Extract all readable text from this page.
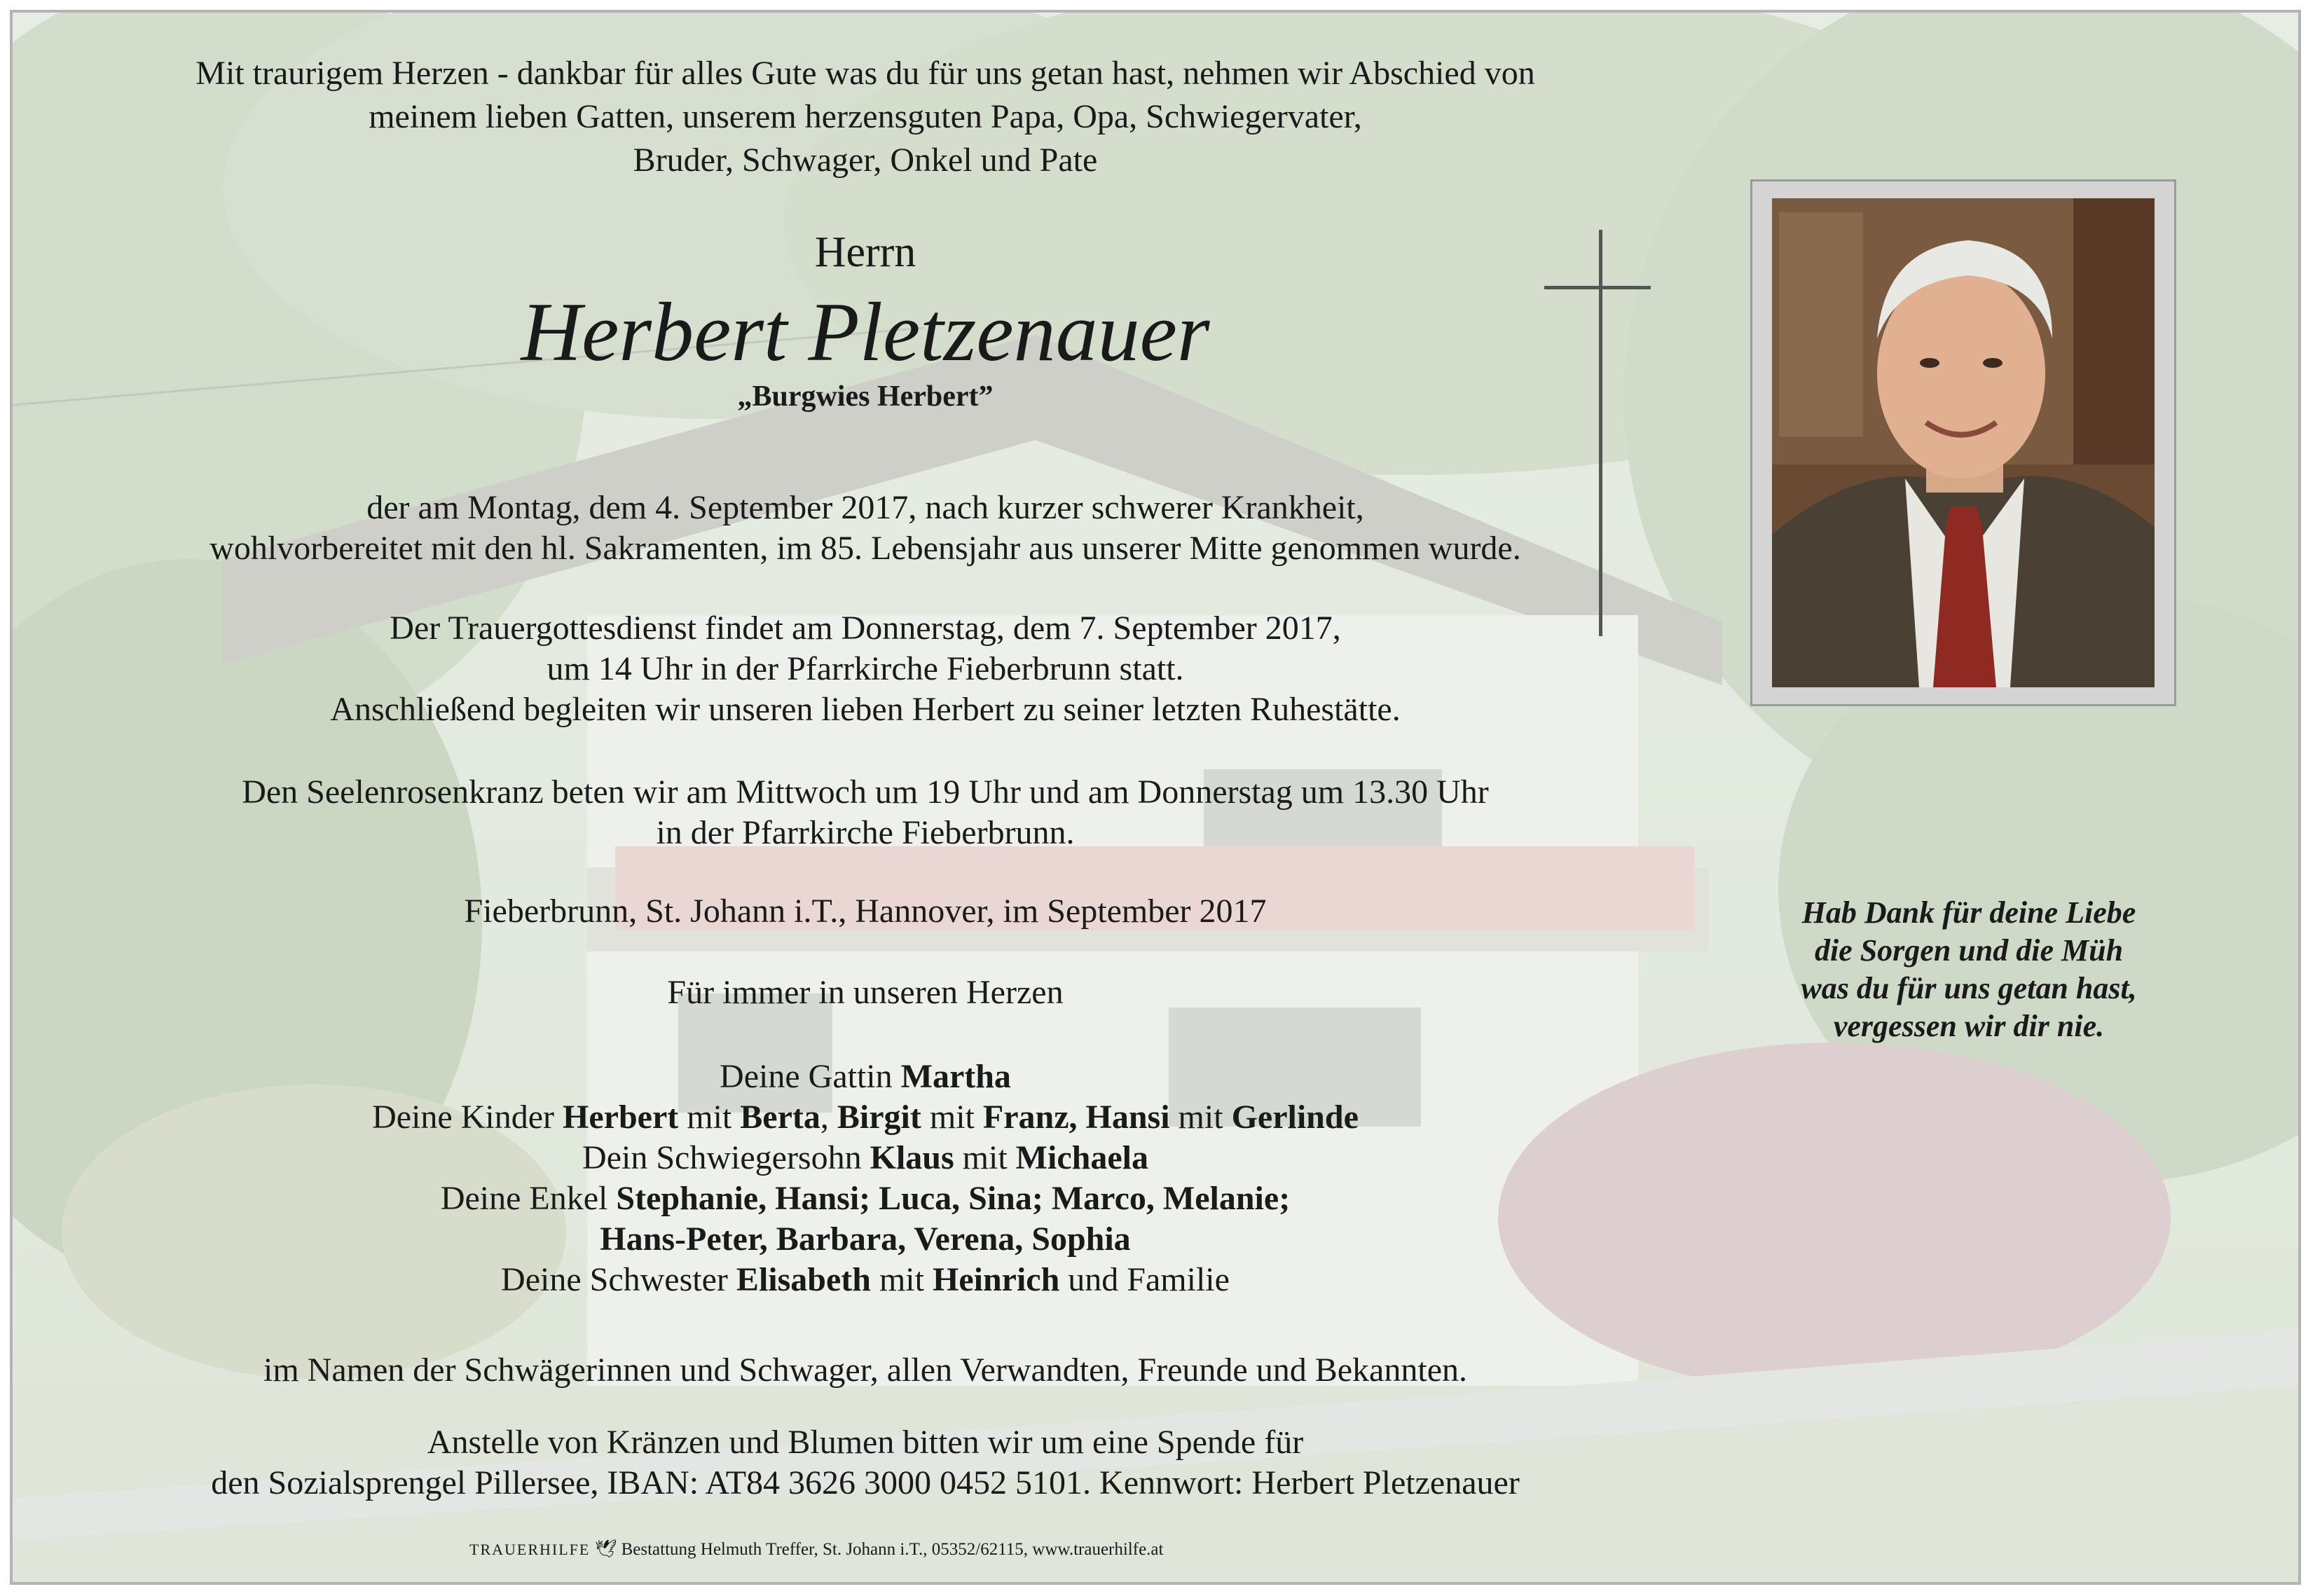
Mit traurigem Herzen - dankbar für alles Gute was du für uns getan hast, nehmen wir Abschied von
meinem lieben Gatten, unserem herzensguten Papa, Opa, Schwiegervater,
Bruder, Schwager, Onkel und Pate
Herrn
Herbert Pletzenauer
„Burgwies Herbert”
der am Montag, dem 4. September 2017, nach kurzer schwerer Krankheit,
wohlvorbereitet mit den hl. Sakramenten, im 85. Lebensjahr aus unserer Mitte genommen wurde.
Der Trauergottesdienst findet am Donnerstag, dem 7. September 2017,
um 14 Uhr in der Pfarrkirche Fieberbrunn statt.
Anschließend begleiten wir unseren lieben Herbert zu seiner letzten Ruhestätte.
Den Seelenrosenkranz beten wir am Mittwoch um 19 Uhr und am Donnerstag um 13.30 Uhr
in der Pfarrkirche Fieberbrunn.
Fieberbrunn, St. Johann i.T., Hannover, im September 2017
Für immer in unseren Herzen
Deine Gattin Martha
Deine Kinder Herbert mit Berta, Birgit mit Franz, Hansi mit Gerlinde
Dein Schwiegersohn Klaus mit Michaela
Deine Enkel Stephanie, Hansi; Luca, Sina; Marco, Melanie;
Hans-Peter, Barbara, Verena, Sophia
Deine Schwester Elisabeth mit Heinrich und Familie
im Namen der Schwägerinnen und Schwager, allen Verwandten, Freunde und Bekannten.
Anstelle von Kränzen und Blumen bitten wir um eine Spende für
den Sozialsprengel Pillersee, IBAN: AT84 3626 3000 0452 5101. Kennwort: Herbert Pletzenauer
TRAUERHILFE 🕊︎ Bestattung Helmuth Treffer, St. Johann i.T., 05352/62115, www.trauerhilfe.at
Hab Dank für deine Liebe
die Sorgen und die Müh
was du für uns getan hast,
vergessen wir dir nie.
